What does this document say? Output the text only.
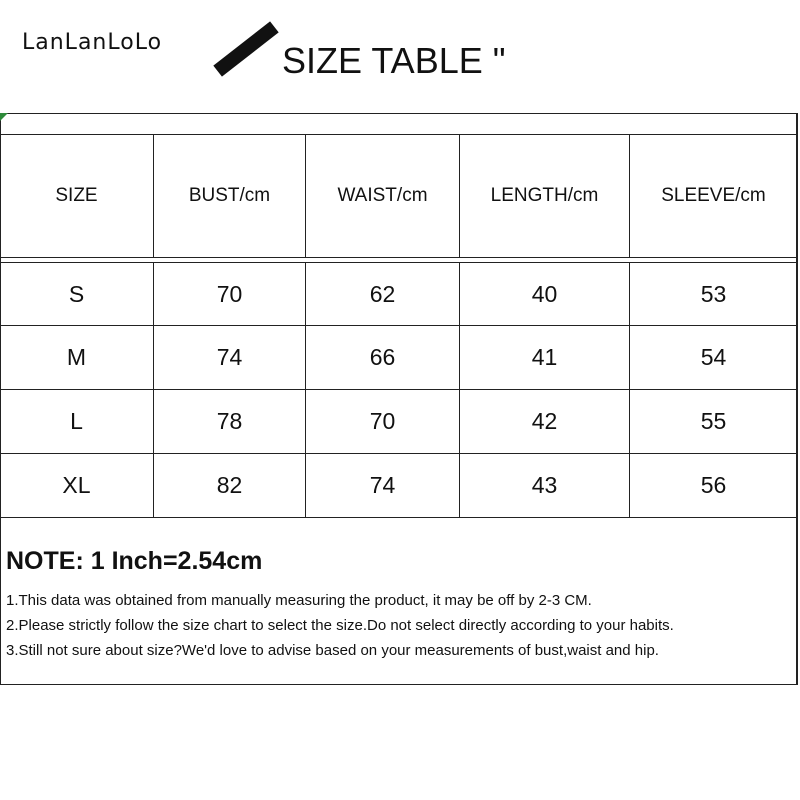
LanLanLoLo	SIZE TABLE "
SIZE	BUST/cm	WAIST/cm	LENGTH/cm	SLEEVE/cm

S	70	62	40	53
M	74	66	41	54
L	78	70	42	55
XL	82	74	43	56
NOTE: 1 Inch=2.54cm
1.This data was obtained from manually measuring the product, it may be off by 2-3 CM.
2.Please strictly follow the size chart to select the size.Do not select directly according to your habits.
3.Still not sure about size?We'd love to advise based on your measurements of bust,waist and hip.
